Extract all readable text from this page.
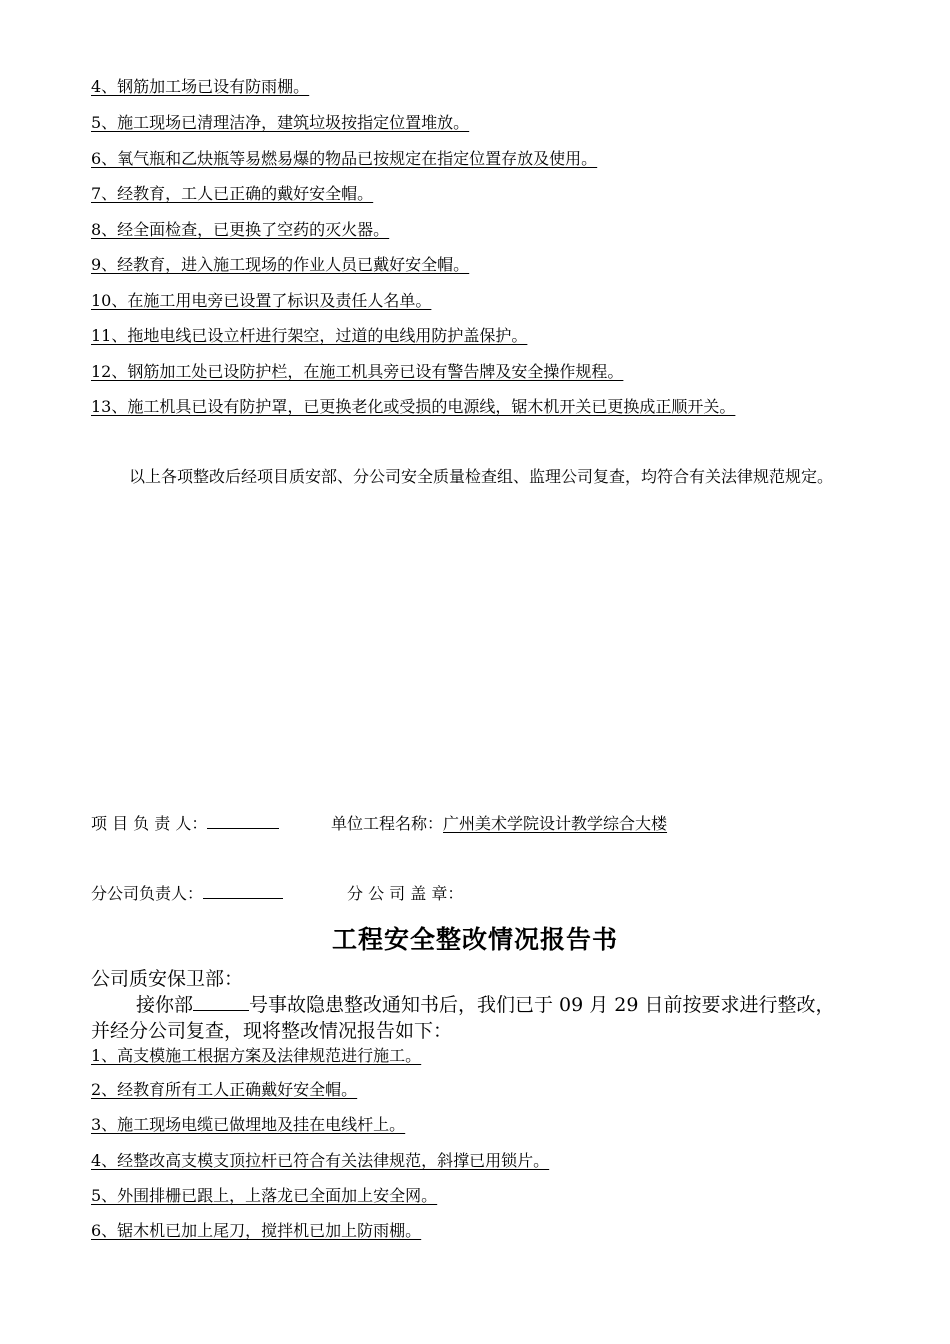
4、钢筋加工场已设有防雨棚。
5、施工现场已清理洁净，建筑垃圾按指定位置堆放。
6、氧气瓶和乙炔瓶等易燃易爆的物品已按规定在指定位置存放及使用。
7、经教育，工人已正确的戴好安全帽。
8、经全面检查，已更换了空药的灭火器。
9、经教育，进入施工现场的作业人员已戴好安全帽。
10、在施工用电旁已设置了标识及责任人名单。
11、拖地电线已设立杆进行架空，过道的电线用防护盖保护。
12、钢筋加工处已设防护栏，在施工机具旁已设有警告牌及安全操作规程。
13、施工机具已设有防护罩，已更换老化或受损的电源线，锯木机开关已更换成正顺开关。
以上各项整改后经项目质安部、分公司安全质量检查组、监理公司复查，均符合有关法律规范规定。
项 目 负 责 人：	单位工程名称：广州美术学院设计教学综合大楼
分公司负责人：	分 公 司 盖 章：
工程安全整改情况报告书
公司质安保卫部：
接你部	号事故隐患整改通知书后，我们已于 09 月 29 日前按要求进行整改，并经分公司复查，现将整改情况报告如下：
1、高支模施工根据方案及法律规范进行施工。
2、经教育所有工人正确戴好安全帽。
3、施工现场电缆已做埋地及挂在电线杆上。
4、经整改高支模支顶拉杆已符合有关法律规范，斜撑已用锁片。
5、外围排栅已跟上，上落龙已全面加上安全网。
6、锯木机已加上尾刀，搅拌机已加上防雨棚。
